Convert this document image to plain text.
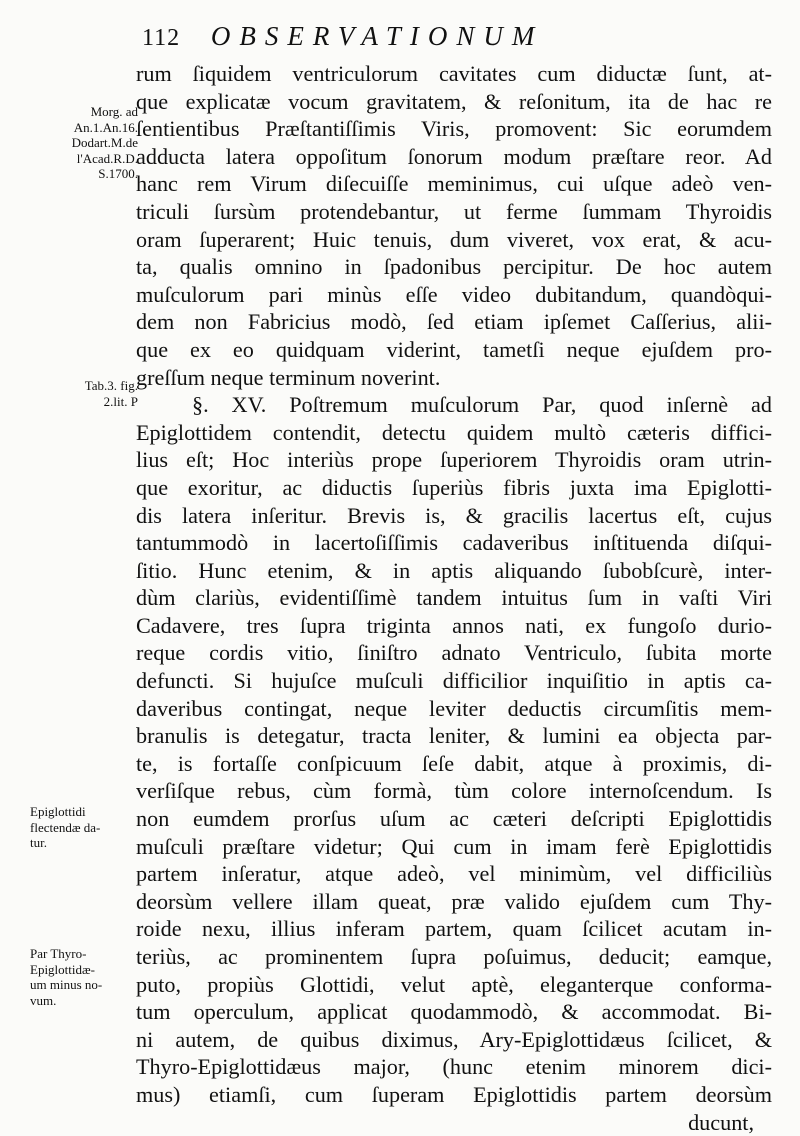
112 OBSERVATIONUM
Morg. ad
An.1.An.16.
Dodart.M.de
l'Acad.R.D.
S.1700.
Tab.3. fig.
2.lit. P
Epiglottidi
flectendæ da-
tur.
Par Thyro-
Epiglottidæ-
um minus no-
vum.
rum ſiquidem ventriculorum cavitates cum diductæ ſunt, at-
que explicatæ vocum gravitatem, & reſonitum, ita de hac re
ſentientibus Præſtantiſſimis Viris, promovent: Sic eorumdem
adducta latera oppoſitum ſonorum modum præſtare reor. Ad
hanc rem Virum diſecuiſſe meminimus, cui uſque adeò ven-
triculi ſursùm protendebantur, ut ferme ſummam Thyroidis
oram ſuperarent; Huic tenuis, dum viveret, vox erat, & acu-
ta, qualis omnino in ſpadonibus percipitur. De hoc autem
muſculorum pari minùs eſſe video dubitandum, quandòqui-
dem non Fabricius modò, ſed etiam ipſemet Caſſerius, alii-
que ex eo quidquam viderint, tametſi neque ejuſdem pro-
greſſum neque terminum noverint.
§. XV. Poſtremum muſculorum Par, quod inſernè ad
Epiglottidem contendit, detectu quidem multò cæteris diffici-
lius eſt; Hoc interiùs prope ſuperiorem Thyroidis oram utrin-
que exoritur, ac diductis ſuperiùs fibris juxta ima Epiglotti-
dis latera inſeritur. Brevis is, & gracilis lacertus eſt, cujus
tantummodò in lacertoſiſſimis cadaveribus inſtituenda diſqui-
ſitio. Hunc etenim, & in aptis aliquando ſubobſcurè, inter-
dùm clariùs, evidentiſſimè tandem intuitus ſum in vaſti Viri
Cadavere, tres ſupra triginta annos nati, ex fungoſo durio-
reque cordis vitio, ſiniſtro adnato Ventriculo, ſubita morte
defuncti. Si hujuſce muſculi difficilior inquiſitio in aptis ca-
daveribus contingat, neque leviter deductis circumſitis mem-
branulis is detegatur, tracta leniter, & lumini ea objecta par-
te, is fortaſſe conſpicuum ſeſe dabit, atque à proximis, di-
verſiſque rebus, cùm formà, tùm colore internoſcendum. Is
non eumdem prorſus uſum ac cæteri deſcripti Epiglottidis
muſculi præſtare videtur; Qui cum in imam ferè Epiglottidis
partem inſeratur, atque adeò, vel minimùm, vel difficiliùs
deorsùm vellere illam queat, præ valido ejuſdem cum Thy-
roide nexu, illius inferam partem, quam ſcilicet acutam in-
teriùs, ac prominentem ſupra poſuimus, deducit; eamque,
puto, propiùs Glottidi, velut aptè, eleganterque conforma-
tum operculum, applicat quodammodò, & accommodat. Bi-
ni autem, de quibus diximus, Ary-Epiglottidæus ſcilicet, &
Thyro-Epiglottidæus major, (hunc etenim minorem dici-
mus) etiamſi, cum ſuperam Epiglottidis partem deorsùm
ducunt,
